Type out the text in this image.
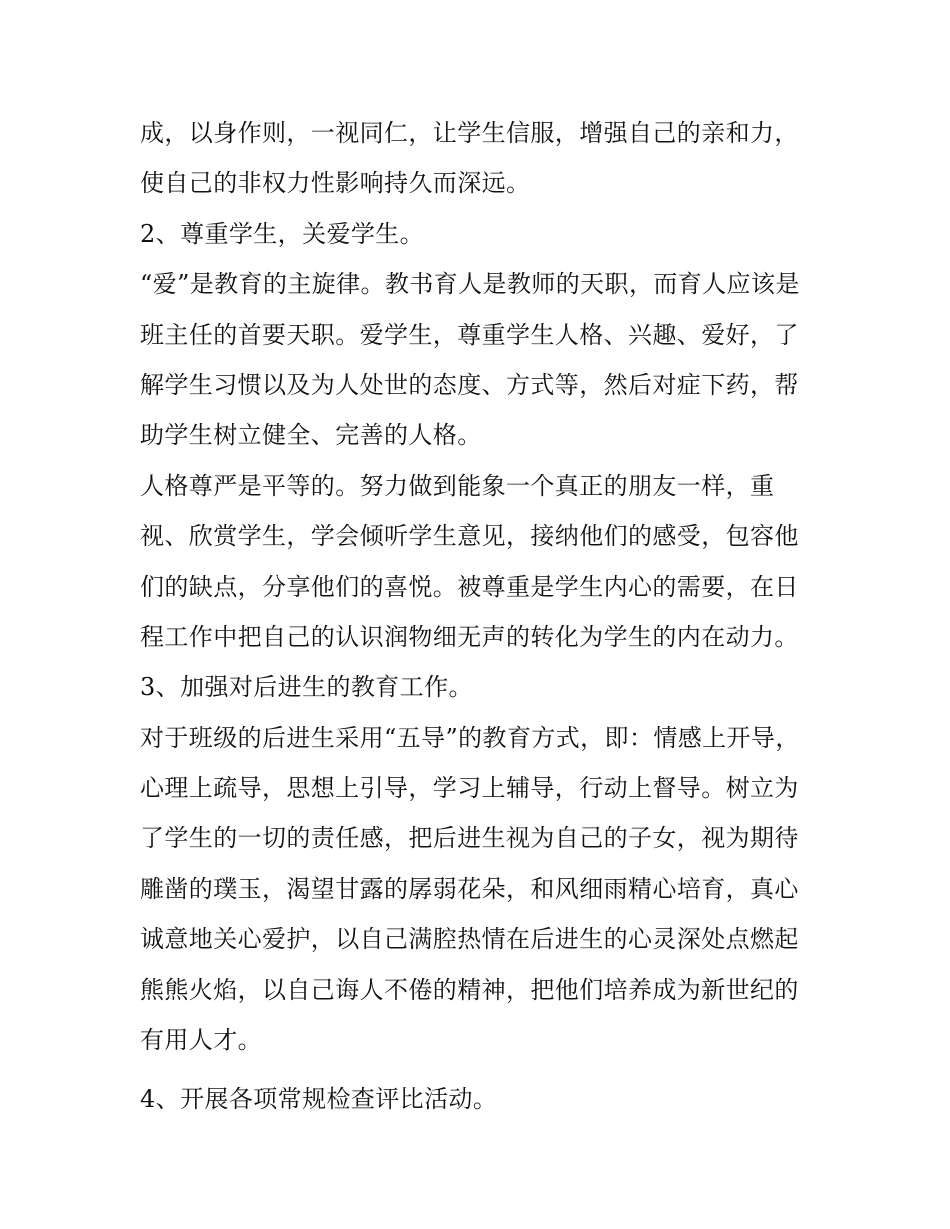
成，以身作则，一视同仁，让学生信服，增强自己的亲和力，
使自己的非权力性影响持久而深远。
2、尊重学生，关爱学生。
“爱”是教育的主旋律。教书育人是教师的天职，而育人应该是
班主任的首要天职。爱学生，尊重学生人格、兴趣、爱好，了
解学生习惯以及为人处世的态度、方式等，然后对症下药，帮
助学生树立健全、完善的人格。
人格尊严是平等的。努力做到能象一个真正的朋友一样，重
视、欣赏学生，学会倾听学生意见，接纳他们的感受，包容他
们的缺点，分享他们的喜悦。被尊重是学生内心的需要，在日
程工作中把自己的认识润物细无声的转化为学生的内在动力。
3、加强对后进生的教育工作。
对于班级的后进生采用“五导”的教育方式，即：情感上开导，
心理上疏导，思想上引导，学习上辅导，行动上督导。树立为
了学生的一切的责任感，把后进生视为自己的子女，视为期待
雕凿的璞玉，渴望甘露的孱弱花朵，和风细雨精心培育，真心
诚意地关心爱护，以自己满腔热情在后进生的心灵深处点燃起
熊熊火焰，以自己诲人不倦的精神，把他们培养成为新世纪的
有用人才。
4、开展各项常规检查评比活动。
